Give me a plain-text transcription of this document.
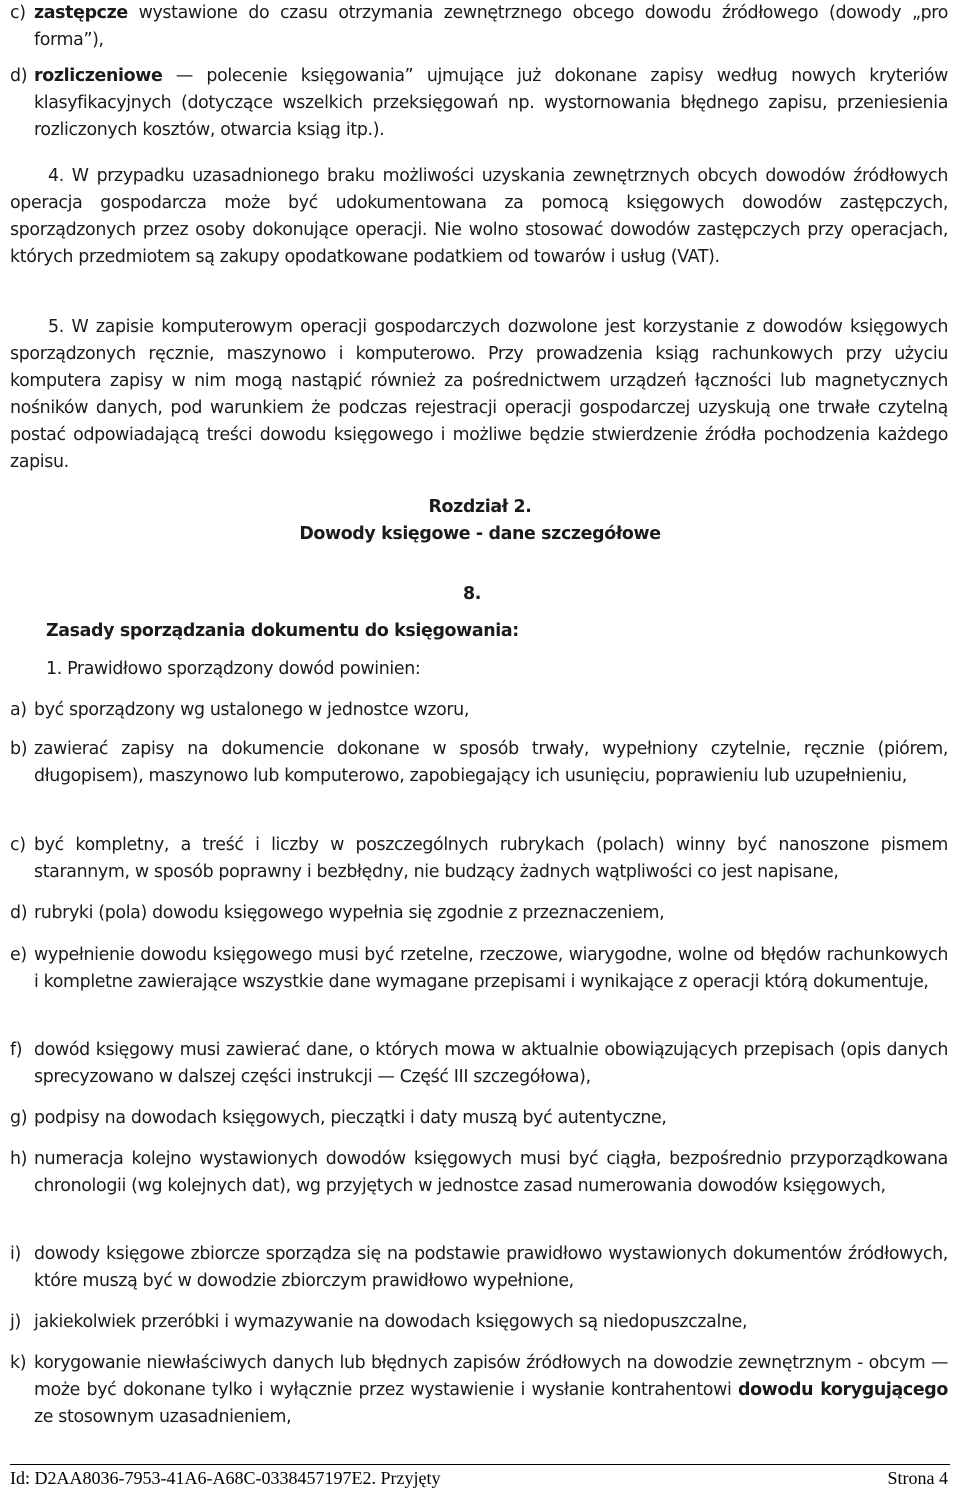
c) zastępcze wystawione do czasu otrzymania zewnętrznego obcego dowodu źródłowego (dowody „pro forma”),
d) rozliczeniowe — polecenie księgowania” ujmujące już dokonane zapisy według nowych kryteriów klasyfikacyjnych (dotyczące wszelkich przeksięgowań np. wystornowania błędnego zapisu, przeniesienia rozliczonych kosztów, otwarcia ksiąg itp.).
4. W przypadku uzasadnionego braku możliwości uzyskania zewnętrznych obcych dowodów źródłowych operacja gospodarcza może być udokumentowana za pomocą księgowych dowodów zastępczych, sporządzonych przez osoby dokonujące operacji. Nie wolno stosować dowodów zastępczych przy operacjach, których przedmiotem są zakupy opodatkowane podatkiem od towarów i usług (VAT).
5. W zapisie komputerowym operacji gospodarczych dozwolone jest korzystanie z dowodów księgowych sporządzonych ręcznie, maszynowo i komputerowo. Przy prowadzenia ksiąg rachunkowych przy użyciu komputera zapisy w nim mogą nastąpić również za pośrednictwem urządzeń łączności lub magnetycznych nośników danych, pod warunkiem że podczas rejestracji operacji gospodarczej uzyskują one trwałe czytelną postać odpowiadającą treści dowodu księgowego i możliwe będzie stwierdzenie źródła pochodzenia każdego zapisu.
Rozdział 2.
Dowody księgowe - dane szczegółowe
8.
Zasady sporządzania dokumentu do księgowania:
1. Prawidłowo sporządzony dowód powinien:
a) być sporządzony wg ustalonego w jednostce wzoru,
b) zawierać zapisy na dokumencie dokonane w sposób trwały, wypełniony czytelnie, ręcznie (piórem, długopisem), maszynowo lub komputerowo, zapobiegający ich usunięciu, poprawieniu lub uzupełnieniu,
c) być kompletny, a treść i liczby w poszczególnych rubrykach (polach) winny być nanoszone pismem starannym, w sposób poprawny i bezbłędny, nie budzący żadnych wątpliwości co jest napisane,
d) rubryki (pola) dowodu księgowego wypełnia się zgodnie z przeznaczeniem,
e) wypełnienie dowodu księgowego musi być rzetelne, rzeczowe, wiarygodne, wolne od błędów rachunkowych i kompletne zawierające wszystkie dane wymagane przepisami i wynikające z operacji którą dokumentuje,
f) dowód księgowy musi zawierać dane, o których mowa w aktualnie obowiązujących przepisach (opis danych sprecyzowano w dalszej części instrukcji — Część III szczegółowa),
g) podpisy na dowodach księgowych, pieczątki i daty muszą być autentyczne,
h) numeracja kolejno wystawionych dowodów księgowych musi być ciągła, bezpośrednio przyporządkowana chronologii (wg kolejnych dat), wg przyjętych w jednostce zasad numerowania dowodów księgowych,
i) dowody księgowe zbiorcze sporządza się na podstawie prawidłowo wystawionych dokumentów źródłowych, które muszą być w dowodzie zbiorczym prawidłowo wypełnione,
j) jakiekolwiek przeróbki i wymazywanie na dowodach księgowych są niedopuszczalne,
k) korygowanie niewłaściwych danych lub błędnych zapisów źródłowych na dowodzie zewnętrznym - obcym — może być dokonane tylko i wyłącznie przez wystawienie i wysłanie kontrahentowi dowodu korygującego ze stosownym uzasadnieniem,
Id: D2AA8036-7953-41A6-A68C-0338457197E2. Przyjęty	Strona 4
